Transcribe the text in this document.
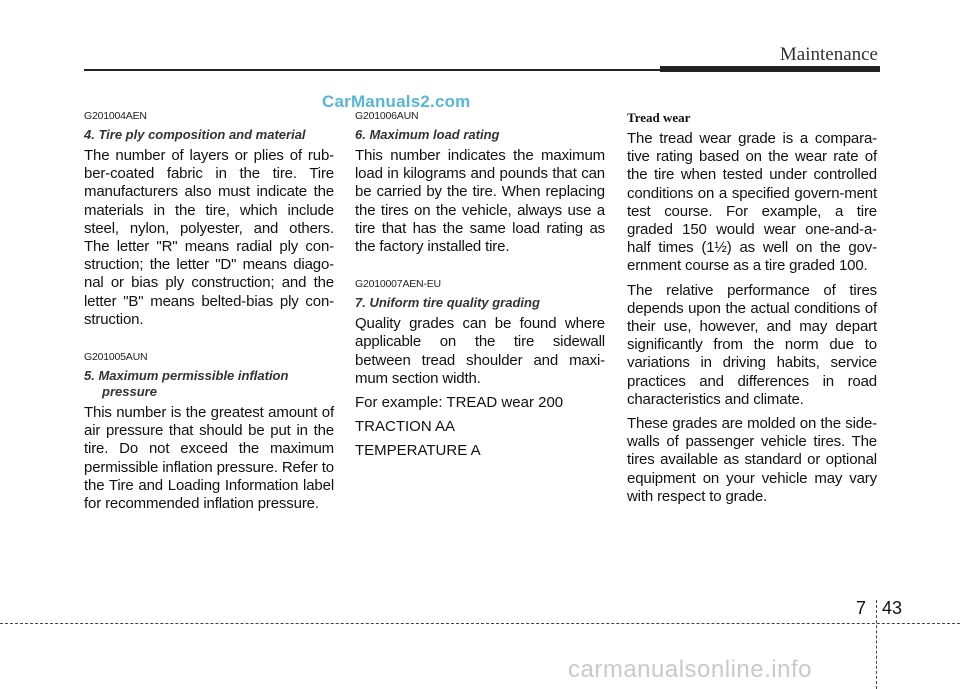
Maintenance
CarManuals2.com
G201004AEN
4. Tire ply composition and material

The number of layers or plies of rub-ber-coated fabric in the tire. Tire manufacturers also must indicate the materials in the tire, which include steel, nylon, polyester, and others. The letter "R" means radial ply con-struction; the letter "D" means diago-nal or bias ply construction; and the letter "B" means belted-bias ply con-struction.

G201005AUN
5. Maximum permissible inflation
pressure

This number is the greatest amount of air pressure that should be put in the tire. Do not exceed the maximum permissible inflation pressure. Refer to the Tire and Loading Information label for recommended inflation pressure.

G201006AUN
6. Maximum load rating

This number indicates the maximum load in kilograms and pounds that can be carried by the tire. When replacing the tires on the vehicle, always use a tire that has the same load rating as the factory installed tire.

G2010007AEN-EU
7. Uniform tire quality grading

Quality grades can be found where applicable on the tire sidewall between tread shoulder and maxi-mum section width.

For example: TREAD wear 200
TRACTION AA
TEMPERATURE A
Tread wear

The tread wear grade is a compara-tive rating based on the wear rate of the tire when tested under controlled conditions on a specified govern-ment test course. For example, a tire graded 150 would wear one-and-a-half times (1½) as well on the gov-ernment course as a tire graded 100.

The relative performance of tires depends upon the actual conditions of their use, however, and may depart significantly from the norm due to variations in driving habits, service practices and differences in road characteristics and climate.

These grades are molded on the side-walls of passenger vehicle tires. The tires available as standard or optional equipment on your vehicle may vary with respect to grade.

7 43
carmanualsonline.info
